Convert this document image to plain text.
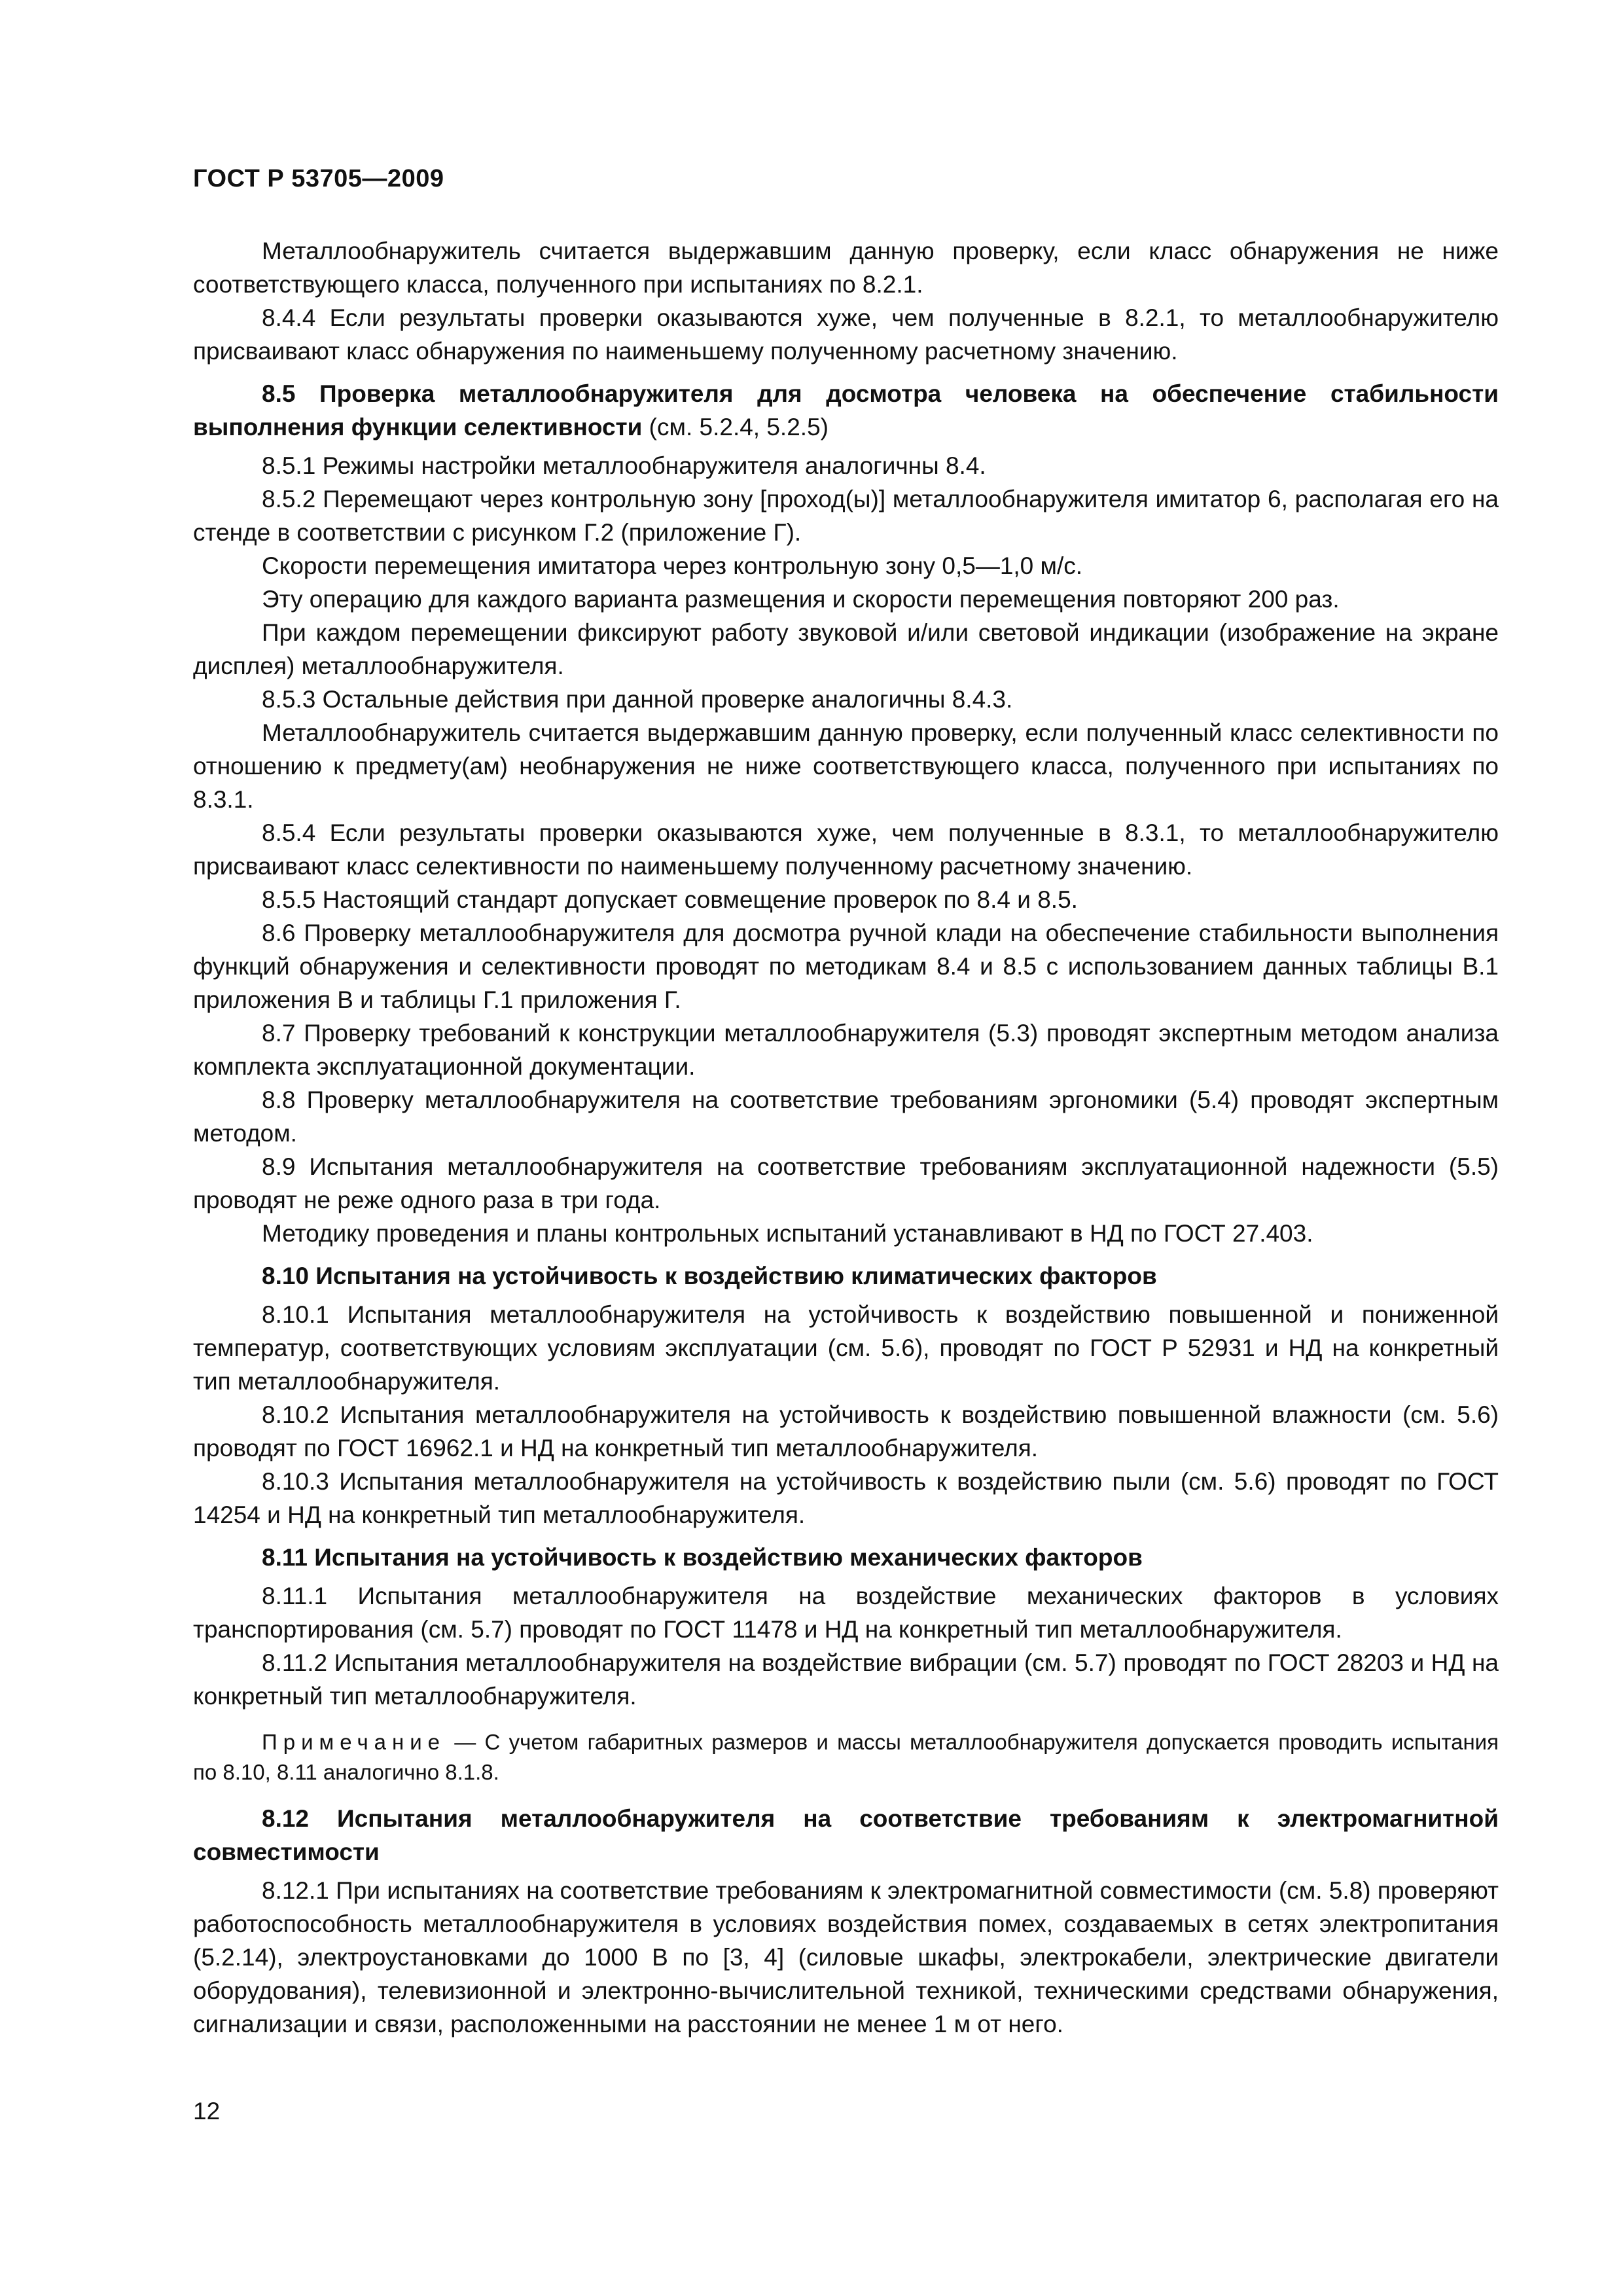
ГОСТ Р 53705—2009

Металлообнаружитель считается выдержавшим данную проверку, если класс обнаружения не ниже соответствующего класса, полученного при испытаниях по 8.2.1.

8.4.4 Если результаты проверки оказываются хуже, чем полученные в 8.2.1, то металлообнаружителю присваивают класс обнаружения по наименьшему полученному расчетному значению.

8.5 Проверка металлообнаружителя для досмотра человека на обеспечение стабильности выполнения функции селективности (см. 5.2.4, 5.2.5)

8.5.1 Режимы настройки металлообнаружителя аналогичны 8.4.

8.5.2 Перемещают через контрольную зону [проход(ы)] металлообнаружителя имитатор 6, располагая его на стенде в соответствии с рисунком Г.2 (приложение Г).

Скорости перемещения имитатора через контрольную зону 0,5—1,0 м/с.

Эту операцию для каждого варианта размещения и скорости перемещения повторяют 200 раз.

При каждом перемещении фиксируют работу звуковой и/или световой индикации (изображение на экране дисплея) металлообнаружителя.

8.5.3 Остальные действия при данной проверке аналогичны 8.4.3.

Металлообнаружитель считается выдержавшим данную проверку, если полученный класс селективности по отношению к предмету(ам) необнаружения не ниже соответствующего класса, полученного при испытаниях по 8.3.1.

8.5.4 Если результаты проверки оказываются хуже, чем полученные в 8.3.1, то металлообнаружителю присваивают класс селективности по наименьшему полученному расчетному значению.

8.5.5 Настоящий стандарт допускает совмещение проверок по 8.4 и 8.5.

8.6 Проверку металлообнаружителя для досмотра ручной клади на обеспечение стабильности выполнения функций обнаружения и селективности проводят по методикам 8.4 и 8.5 с использованием данных таблицы В.1 приложения В и таблицы Г.1 приложения Г.

8.7 Проверку требований к конструкции металлообнаружителя (5.3) проводят экспертным методом анализа комплекта эксплуатационной документации.

8.8 Проверку металлообнаружителя на соответствие требованиям эргономики (5.4) проводят экспертным методом.

8.9 Испытания металлообнаружителя на соответствие требованиям эксплуатационной надежности (5.5) проводят не реже одного раза в три года.

Методику проведения и планы контрольных испытаний устанавливают в НД по ГОСТ 27.403.

8.10 Испытания на устойчивость к воздействию климатических факторов

8.10.1 Испытания металлообнаружителя на устойчивость к воздействию повышенной и пониженной температур, соответствующих условиям эксплуатации (см. 5.6), проводят по ГОСТ Р 52931 и НД на конкретный тип металлообнаружителя.

8.10.2 Испытания металлообнаружителя на устойчивость к воздействию повышенной влажности (см. 5.6) проводят по ГОСТ 16962.1 и НД на конкретный тип металлообнаружителя.

8.10.3 Испытания металлообнаружителя на устойчивость к воздействию пыли (см. 5.6) проводят по ГОСТ 14254 и НД на конкретный тип металлообнаружителя.

8.11 Испытания на устойчивость к воздействию механических факторов

8.11.1 Испытания металлообнаружителя на воздействие механических факторов в условиях транспортирования (см. 5.7) проводят по ГОСТ 11478 и НД на конкретный тип металлообнаружителя.

8.11.2 Испытания металлообнаружителя на воздействие вибрации (см. 5.7) проводят по ГОСТ 28203 и НД на конкретный тип металлообнаружителя.

Примечание — С учетом габаритных размеров и массы металлообнаружителя допускается проводить испытания по 8.10, 8.11 аналогично 8.1.8.

8.12 Испытания металлообнаружителя на соответствие требованиям к электромагнитной совместимости

8.12.1 При испытаниях на соответствие требованиям к электромагнитной совместимости (см. 5.8) проверяют работоспособность металлообнаружителя в условиях воздействия помех, создаваемых в сетях электропитания (5.2.14), электроустановками до 1000 В по [3, 4] (силовые шкафы, электрокабели, электрические двигатели оборудования), телевизионной и электронно-вычислительной техникой, техническими средствами обнаружения, сигнализации и связи, расположенными на расстоянии не менее 1 м от него.

12
